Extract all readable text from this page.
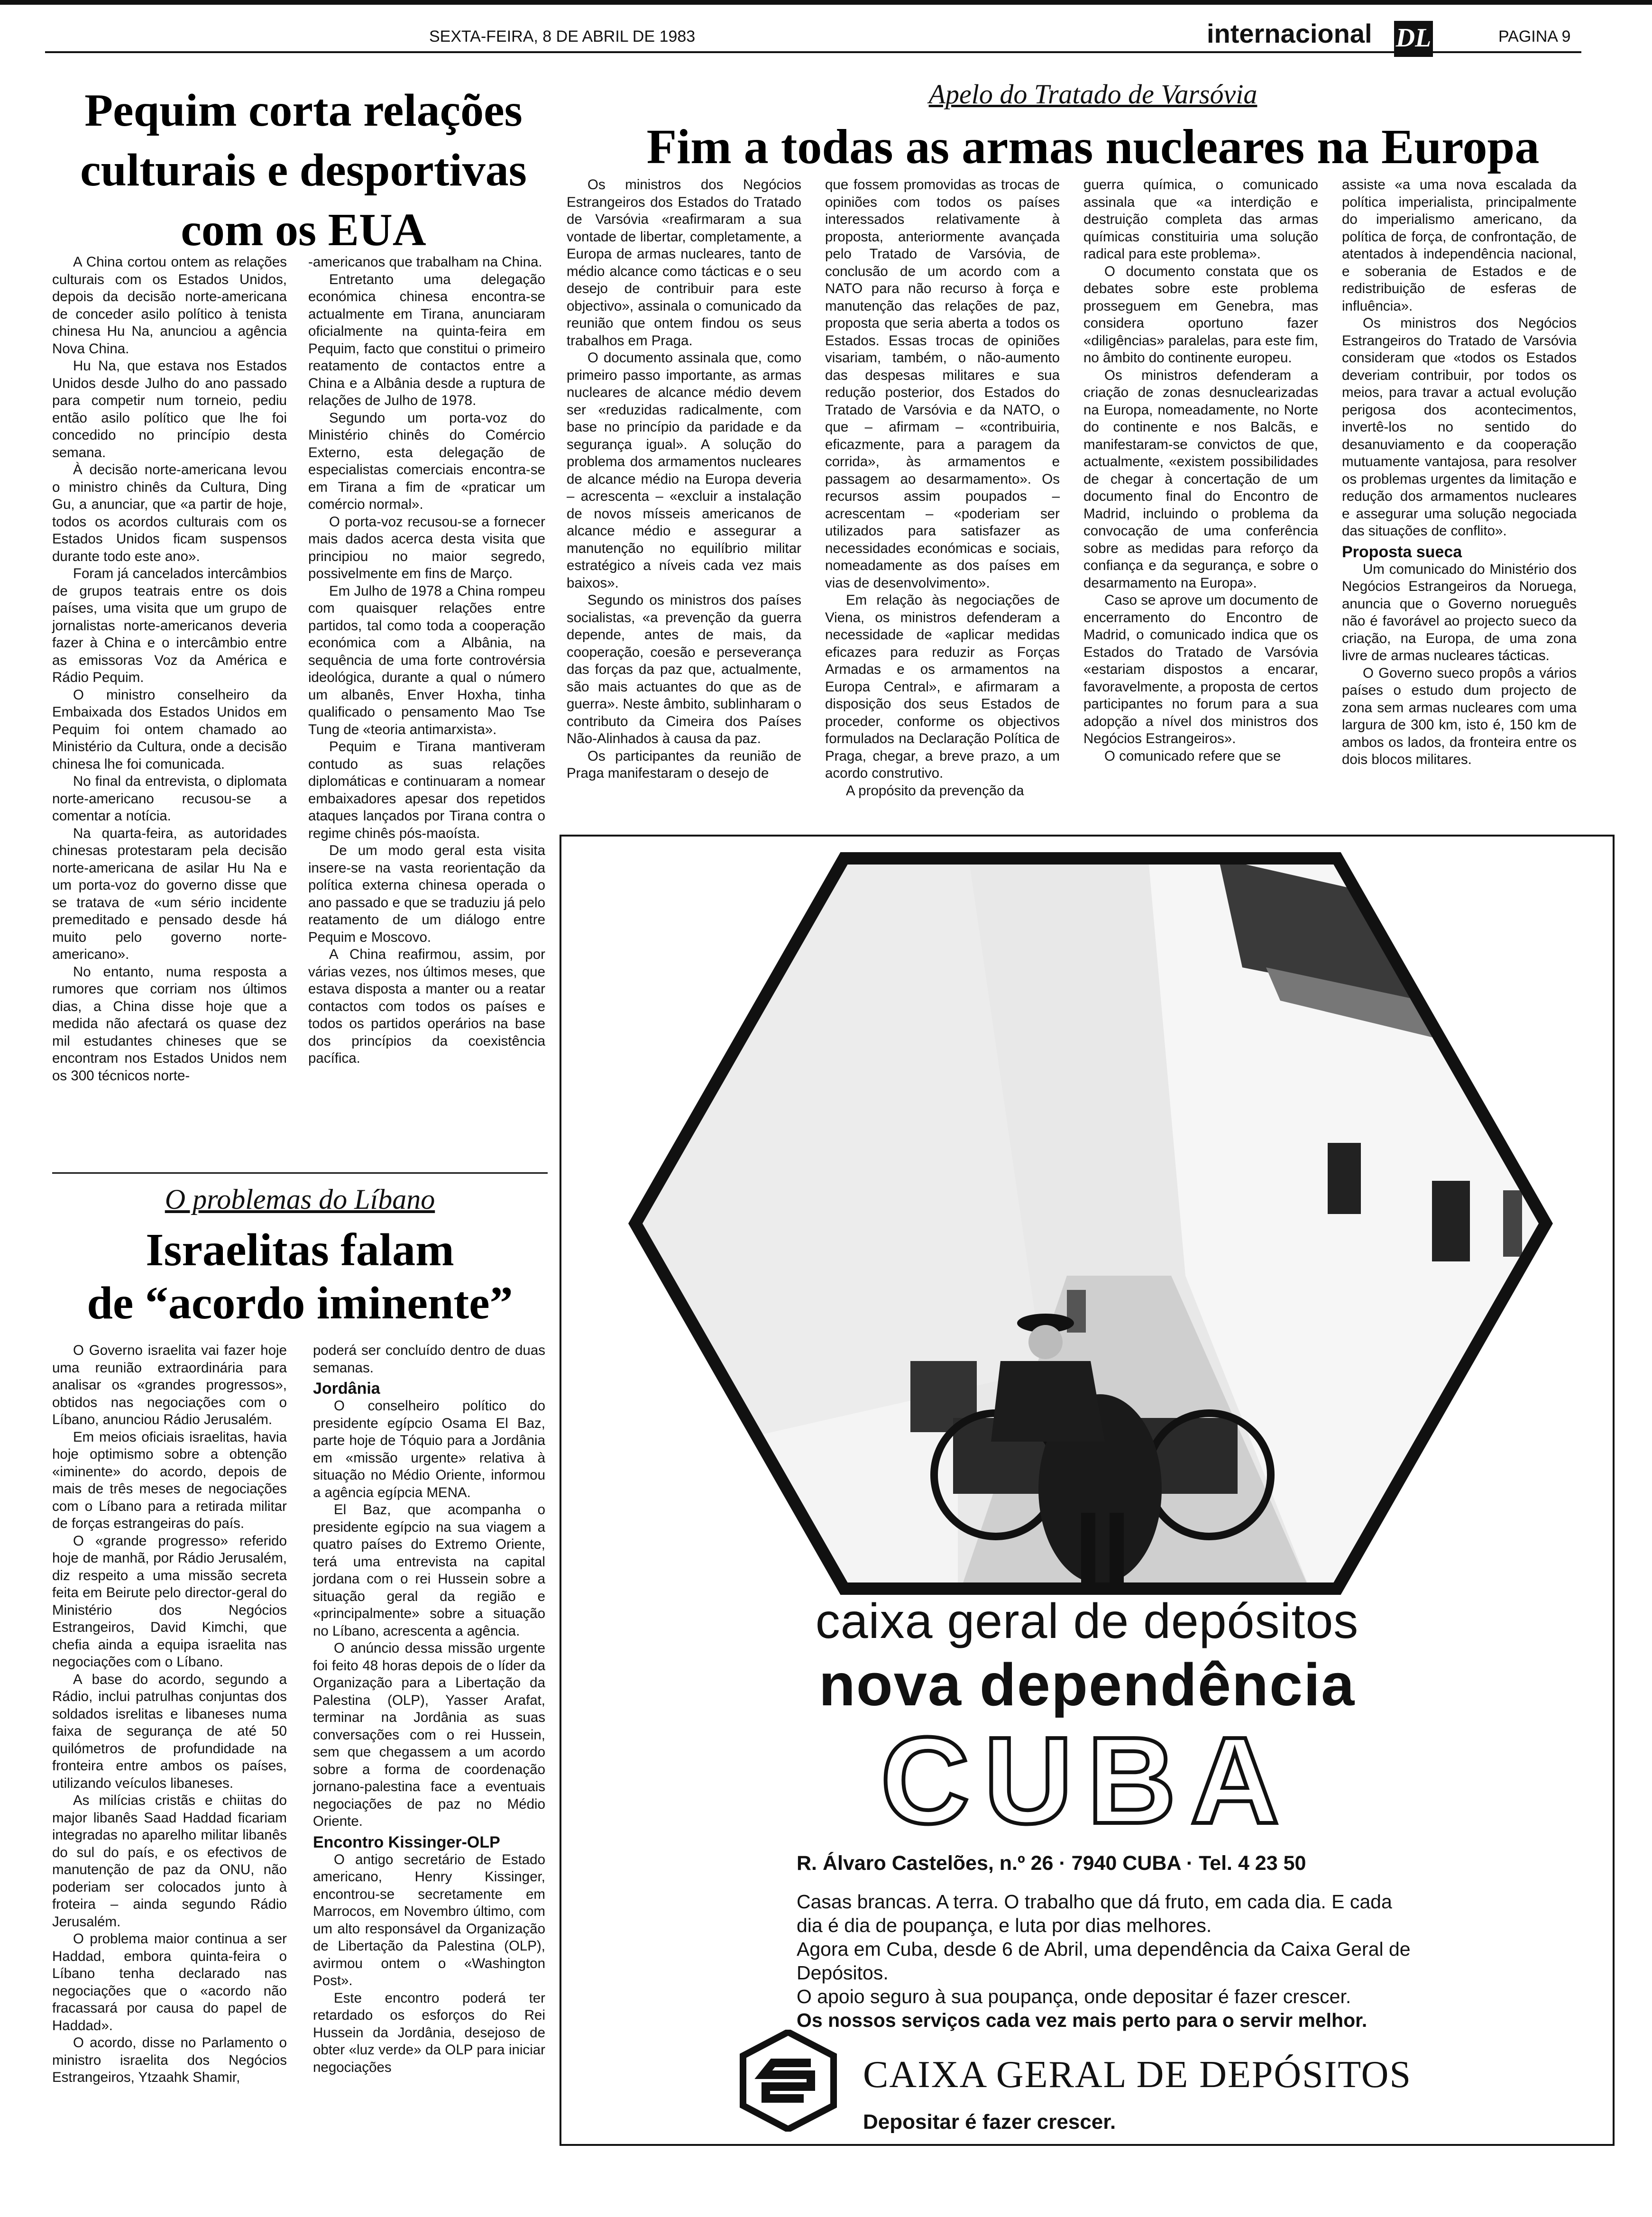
SEXTA-FEIRA, 8 DE ABRIL DE 1983	internacional DL	PAGINA 9
Pequim corta relações culturais e desportivas com os EUA

A China cortou ontem as relações culturais com os Estados Unidos, depois da decisão norte-americana de conceder asilo político à tenista chinesa Hu Na, anunciou a agência Nova China.

Hu Na, que estava nos Estados Unidos desde Julho do ano passado para competir num torneio, pediu então asilo político que lhe foi concedido no princípio desta semana.

À decisão norte-americana levou o ministro chinês da Cultura, Ding Gu, a anunciar, que «a partir de hoje, todos os acordos culturais com os Estados Unidos ficam suspensos durante todo este ano».

Foram já cancelados intercâmbios de grupos teatrais entre os dois países, uma visita que um grupo de jornalistas norte-americanos deveria fazer à China e o intercâmbio entre as emissoras Voz da América e Rádio Pequim.

O ministro conselheiro da Embaixada dos Estados Unidos em Pequim foi ontem chamado ao Ministério da Cultura, onde a decisão chinesa lhe foi comunicada.

No final da entrevista, o diplomata norte-americano recusou-se a comentar a notícia.

Na quarta-feira, as autoridades chinesas protestaram pela decisão norte-americana de asilar Hu Na e um porta-voz do governo disse que se tratava de «um sério incidente premeditado e pensado desde há muito pelo governo norte-americano».

No entanto, numa resposta a rumores que corriam nos últimos dias, a China disse hoje que a medida não afectará os quase dez mil estudantes chineses que se encontram nos Estados Unidos nem os 300 técnicos norte-

-americanos que trabalham na China.

Entretanto uma delegação económica chinesa encontra-se actualmente em Tirana, anunciaram oficialmente na quinta-feira em Pequim, facto que constitui o primeiro reatamento de contactos entre a China e a Albânia desde a ruptura de relações de Julho de 1978.

Segundo um porta-voz do Ministério chinês do Comércio Externo, esta delegação de especialistas comerciais encontra-se em Tirana a fim de «praticar um comércio normal».

O porta-voz recusou-se a fornecer mais dados acerca desta visita que principiou no maior segredo, possivelmente em fins de Março.

Em Julho de 1978 a China rompeu com quaisquer relações entre partidos, tal como toda a cooperação económica com a Albânia, na sequência de uma forte controvérsia ideológica, durante a qual o número um albanês, Enver Hoxha, tinha qualificado o pensamento Mao Tse Tung de «teoria antimarxista».

Pequim e Tirana mantiveram contudo as suas relações diplomáticas e continuaram a nomear embaixadores apesar dos repetidos ataques lançados por Tirana contra o regime chinês pós-maoísta.

De um modo geral esta visita insere-se na vasta reorientação da política externa chinesa operada o ano passado e que se traduziu já pelo reatamento de um diálogo entre Pequim e Moscovo.

A China reafirmou, assim, por várias vezes, nos últimos meses, que estava disposta a manter ou a reatar contactos com todos os países e todos os partidos operários na base dos princípios da coexistência pacífica.

O problemas do Líbano
Israelitas falam
de “acordo iminente”

O Governo israelita vai fazer hoje uma reunião extraordinária para analisar os «grandes progressos», obtidos nas negociações com o Líbano, anunciou Rádio Jerusalém.

Em meios oficiais israelitas, havia hoje optimismo sobre a obtenção «iminente» do acordo, depois de mais de três meses de negociações com o Líbano para a retirada militar de forças estrangeiras do país.

O «grande progresso» referido hoje de manhã, por Rádio Jerusalém, diz respeito a uma missão secreta feita em Beirute pelo director-geral do Ministério dos Negócios Estrangeiros, David Kimchi, que chefia ainda a equipa israelita nas negociações com o Líbano.

A base do acordo, segundo a Rádio, inclui patrulhas conjuntas dos soldados isrelitas e libaneses numa faixa de segurança de até 50 quilómetros de profundidade na fronteira entre ambos os países, utilizando veículos libaneses.

As milícias cristãs e chiitas do major libanês Saad Haddad ficariam integradas no aparelho militar libanês do sul do país, e os efectivos de manutenção de paz da ONU, não poderiam ser colocados junto à froteira – ainda segundo Rádio Jerusalém.

O problema maior continua a ser Haddad, embora quinta-feira o Líbano tenha declarado nas negociações que o «acordo não fracassará por causa do papel de Haddad».

O acordo, disse no Parlamento o ministro israelita dos Negócios Estrangeiros, Ytzaahk Shamir,

poderá ser concluído dentro de duas semanas.

Jordânia

O conselheiro político do presidente egípcio Osama El Baz, parte hoje de Tóquio para a Jordânia em «missão urgente» relativa à situação no Médio Oriente, informou a agência egípcia MENA.

El Baz, que acompanha o presidente egípcio na sua viagem a quatro países do Extremo Oriente, terá uma entrevista na capital jordana com o rei Hussein sobre a situação geral da região e «principalmente» sobre a situação no Líbano, acrescenta a agência.

O anúncio dessa missão urgente foi feito 48 horas depois de o líder da Organização para a Libertação da Palestina (OLP), Yasser Arafat, terminar na Jordânia as suas conversações com o rei Hussein, sem que chegassem a um acordo sobre a forma de coordenação jornano-palestina face a eventuais negociações de paz no Médio Oriente.

Encontro Kissinger-OLP

O antigo secretário de Estado americano, Henry Kissinger, encontrou-se secretamente em Marrocos, em Novembro último, com um alto responsável da Organização de Libertação da Palestina (OLP), avirmou ontem o «Washington Post».

Este encontro poderá ter retardado os esforços do Rei Hussein da Jordânia, desejoso de obter «luz verde» da OLP para iniciar negociações

Apelo do Tratado de Varsóvia
Fim a todas as armas nucleares na Europa

Os ministros dos Negócios Estrangeiros dos Estados do Tratado de Varsóvia «reafirmaram a sua vontade de libertar, completamente, a Europa de armas nucleares, tanto de médio alcance como tácticas e o seu desejo de contribuir para este objectivo», assinala o comunicado da reunião que ontem findou os seus trabalhos em Praga.

O documento assinala que, como primeiro passo importante, as armas nucleares de alcance médio devem ser «reduzidas radicalmente, com base no princípio da paridade e da segurança igual». A solução do problema dos armamentos nucleares de alcance médio na Europa deveria – acrescenta – «excluir a instalação de novos mísseis americanos de alcance médio e assegurar a manutenção no equilíbrio militar estratégico a níveis cada vez mais baixos».

Segundo os ministros dos países socialistas, «a prevenção da guerra depende, antes de mais, da cooperação, coesão e perseverança das forças da paz que, actualmente, são mais actuantes do que as de guerra». Neste âmbito, sublinharam o contributo da Cimeira dos Países Não-Alinhados à causa da paz.

Os participantes da reunião de Praga manifestaram o desejo de

que fossem promovidas as trocas de opiniões com todos os países interessados relativamente à proposta, anteriormente avançada pelo Tratado de Varsóvia, de conclusão de um acordo com a NATO para não recurso à força e manutenção das relações de paz, proposta que seria aberta a todos os Estados. Essas trocas de opiniões visariam, também, o não-aumento das despesas militares e sua redução posterior, dos Estados do Tratado de Varsóvia e da NATO, o que – afirmam – «contribuiria, eficazmente, para a paragem da corrida», às armamentos e passagem ao desarmamento». Os recursos assim poupados – acrescentam – «poderiam ser utilizados para satisfazer as necessidades económicas e sociais, nomeadamente as dos países em vias de desenvolvimento».

Em relação às negociações de Viena, os ministros defenderam a necessidade de «aplicar medidas eficazes para reduzir as Forças Armadas e os armamentos na Europa Central», e afirmaram a disposição dos seus Estados de proceder, conforme os objectivos formulados na Declaração Política de Praga, chegar, a breve prazo, a um acordo construtivo.

A propósito da prevenção da

guerra química, o comunicado assinala que «a interdição e destruição completa das armas químicas constituiria uma solução radical para este problema».

O documento constata que os debates sobre este problema prosseguem em Genebra, mas considera oportuno fazer «diligências» paralelas, para este fim, no âmbito do continente europeu.

Os ministros defenderam a criação de zonas desnuclearizadas na Europa, nomeadamente, no Norte do continente e nos Balcãs, e manifestaram-se convictos de que, actualmente, «existem possibilidades de chegar à concertação de um documento final do Encontro de Madrid, incluindo o problema da convocação de uma conferência sobre as medidas para reforço da confiança e da segurança, e sobre o desarmamento na Europa».

Caso se aprove um documento de encerramento do Encontro de Madrid, o comunicado indica que os Estados do Tratado de Varsóvia «estariam dispostos a encarar, favoravelmente, a proposta de certos participantes no forum para a sua adopção a nível dos ministros dos Negócios Estrangeiros».

O comunicado refere que se

assiste «a uma nova escalada da política imperialista, principalmente do imperialismo americano, da política de força, de confrontação, de atentados à independência nacional, e soberania de Estados e de redistribuição de esferas de influência».

Os ministros dos Negócios Estrangeiros do Tratado de Varsóvia consideram que «todos os Estados deveriam contribuir, por todos os meios, para travar a actual evolução perigosa dos acontecimentos, invertê-los no sentido do desanuviamento e da cooperação mutuamente vantajosa, para resolver os problemas urgentes da limitação e redução dos armamentos nucleares e assegurar uma solução negociada das situações de conflito».

Proposta sueca

Um comunicado do Ministério dos Negócios Estrangeiros da Noruega, anuncia que o Governo norueguês não é favorável ao projecto sueco da criação, na Europa, de uma zona livre de armas nucleares tácticas.

O Governo sueco propôs a vários países o estudo dum projecto de zona sem armas nucleares com uma largura de 300 km, isto é, 150 km de ambos os lados, da fronteira entre os dois blocos militares.

caixa geral de depósitos
nova dependência
CUBA
R. Álvaro Castelões, n.º 26 · 7940 CUBA · Tel. 4 23 50
Casas brancas. A terra. O trabalho que dá fruto, em cada dia. E cada dia é dia de poupança, e luta por dias melhores.
Agora em Cuba, desde 6 de Abril, uma dependência da Caixa Geral de Depósitos.
O apoio seguro à sua poupança, onde depositar é fazer crescer.
Os nossos serviços cada vez mais perto para o servir melhor.
CAIXA GERAL DE DEPÓSITOS
Depositar é fazer crescer.
